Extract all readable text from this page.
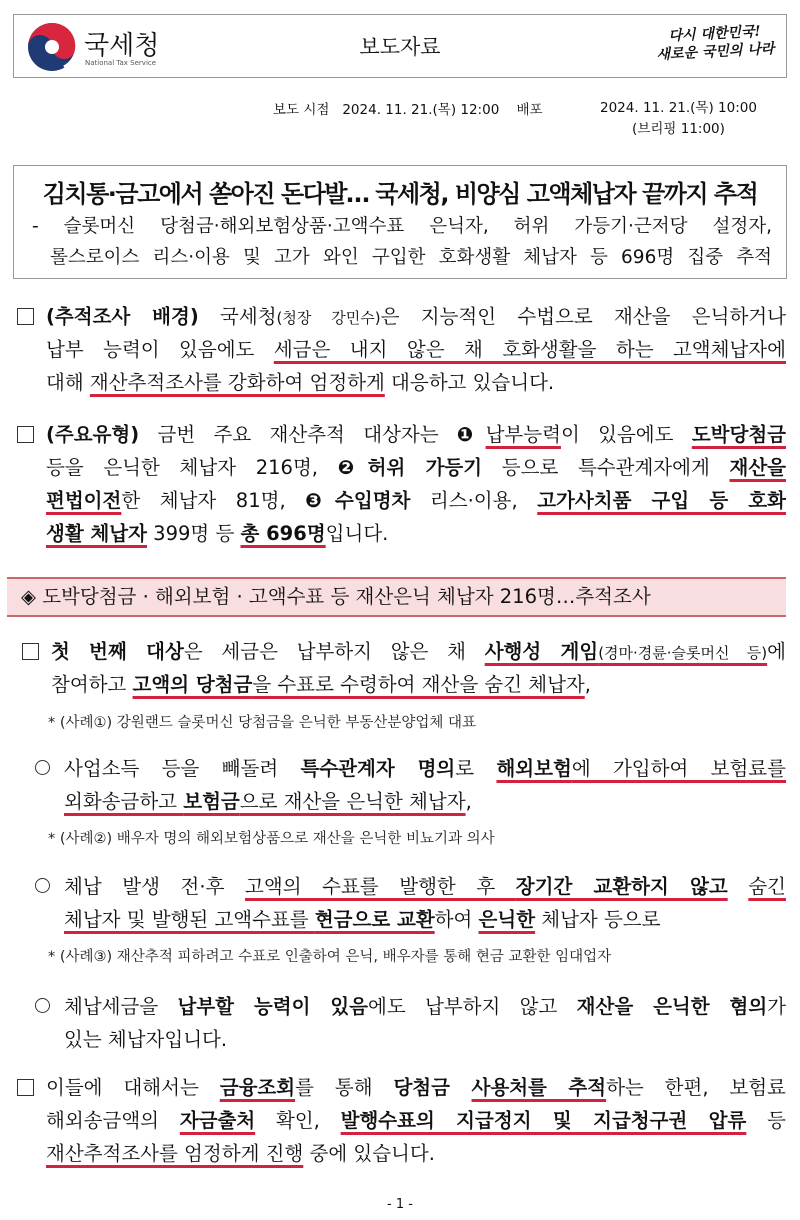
국세청
National Tax Service
보도자료
다시 대한민국!
새로운 국민의 나라
보도 시점 2024. 11. 21.(목) 12:00 배포	2024. 11. 21.(목) 10:00
(브리핑 11:00)
김치통·금고에서 쏟아진 돈다발… 국세청, 비양심 고액체납자 끝까지 추적
- 슬롯머신 당첨금·해외보험상품·고액수표 은닉자, 허위 가등기·근저당 설정자,
롤스로이스 리스·이용 및 고가 와인 구입한 호화생활 체납자 등 696명 집중 추적
◈ 도박당첨금 · 해외보험 · 고액수표 등 재산은닉 체납자 216명…추적조사
(추적조사 배경) 국세청(청장 강민수)은 지능적인 수법으로 재산을 은닉하거나
납부 능력이 있음에도 세금은 내지 않은 채 호화생활을 하는 고액체납자에
대해 재산추적조사를 강화하여 엄정하게 대응하고 있습니다.
(주요유형) 금번 주요 재산추적 대상자는 ❶납부능력이 있음에도 도박당첨금
등을 은닉한 체납자 216명, ❷허위 가등기 등으로 특수관계자에게 재산을
편법이전한 체납자 81명, ❸수입명차 리스·이용, 고가사치품 구입 등 호화
생활 체납자 399명 등 총 696명입니다.
첫 번째 대상은 세금은 납부하지 않은 채 사행성 게임(경마·경륜·슬롯머신 등)에
참여하고 고액의 당첨금을 수표로 수령하여 재산을 숨긴 체납자,
* (사례①) 강원랜드 슬롯머신 당첨금을 은닉한 부동산분양업체 대표
사업소득 등을 빼돌려 특수관계자 명의로 해외보험에 가입하여 보험료를
외화송금하고 보험금으로 재산을 은닉한 체납자,
* (사례②) 배우자 명의 해외보험상품으로 재산을 은닉한 비뇨기과 의사
체납 발생 전·후 고액의 수표를 발행한 후 장기간 교환하지 않고 숨긴
체납자 및 발행된 고액수표를 현금으로 교환하여 은닉한 체납자 등으로
* (사례③) 재산추적 피하려고 수표로 인출하여 은닉, 배우자를 통해 현금 교환한 임대업자
체납세금을 납부할 능력이 있음에도 납부하지 않고 재산을 은닉한 혐의가
있는 체납자입니다.
이들에 대해서는 금융조회를 통해 당첨금 사용처를 추적하는 한편, 보험료
해외송금액의 자금출처 확인, 발행수표의 지급정지 및 지급청구권 압류 등
재산추적조사를 엄정하게 진행 중에 있습니다.
- 1 -
